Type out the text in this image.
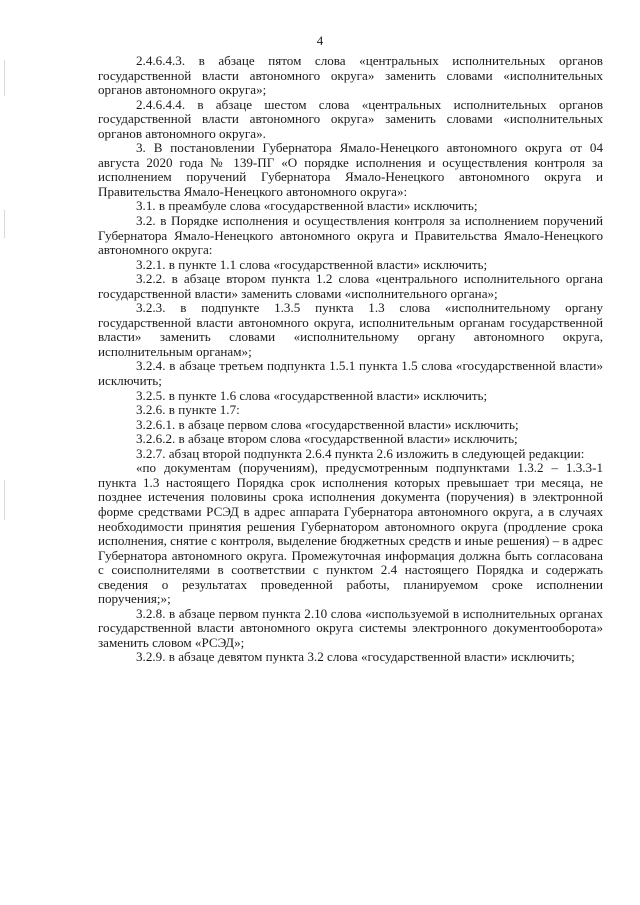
4

2.4.6.4.3. в абзаце пятом слова «центральных исполнительных органов государственной власти автономного округа» заменить словами «исполнительных органов автономного округа»;

2.4.6.4.4. в абзаце шестом слова «центральных исполнительных органов государственной власти автономного округа» заменить словами «исполнительных органов автономного округа».

3. В постановлении Губернатора Ямало-Ненецкого автономного округа от 04 августа 2020 года № 139-ПГ «О порядке исполнения и осуществления контроля за исполнением поручений Губернатора Ямало-Ненецкого автономного округа и Правительства Ямало-Ненецкого автономного округа»:

3.1. в преамбуле слова «государственной власти» исключить;

3.2. в Порядке исполнения и осуществления контроля за исполнением поручений Губернатора Ямало-Ненецкого автономного округа и Правительства Ямало-Ненецкого автономного округа:

3.2.1. в пункте 1.1 слова «государственной власти» исключить;

3.2.2. в абзаце втором пункта 1.2 слова «центрального исполнительного органа государственной власти» заменить словами «исполнительного органа»;

3.2.3. в подпункте 1.3.5 пункта 1.3 слова «исполнительному органу государственной власти автономного округа, исполнительным органам государственной власти» заменить словами «исполнительному органу автономного округа, исполнительным органам»;

3.2.4. в абзаце третьем подпункта 1.5.1 пункта 1.5 слова «государственной власти» исключить;

3.2.5. в пункте 1.6 слова «государственной власти» исключить;

3.2.6. в пункте 1.7:

3.2.6.1. в абзаце первом слова «государственной власти» исключить;

3.2.6.2. в абзаце втором слова «государственной власти» исключить;

3.2.7. абзац второй подпункта 2.6.4 пункта 2.6 изложить в следующей редакции:

«по документам (поручениям), предусмотренным подпунктами 1.3.2 – 1.3.3-1 пункта 1.3 настоящего Порядка срок исполнения которых превышает три месяца, не позднее истечения половины срока исполнения документа (поручения) в электронной форме средствами РСЭД в адрес аппарата Губернатора автономного округа, а в случаях необходимости принятия решения Губернатором автономного округа (продление срока исполнения, снятие с контроля, выделение бюджетных средств и иные решения) – в адрес Губернатора автономного округа. Промежуточная информация должна быть согласована с соисполнителями в соответствии с пунктом 2.4 настоящего Порядка и содержать сведения о результатах проведенной работы, планируемом сроке исполнении поручения;»;

3.2.8. в абзаце первом пункта 2.10 слова «используемой в исполнительных органах государственной власти автономного округа системы электронного документооборота» заменить словом «РСЭД»;

3.2.9. в абзаце девятом пункта 3.2 слова «государственной власти» исключить;
